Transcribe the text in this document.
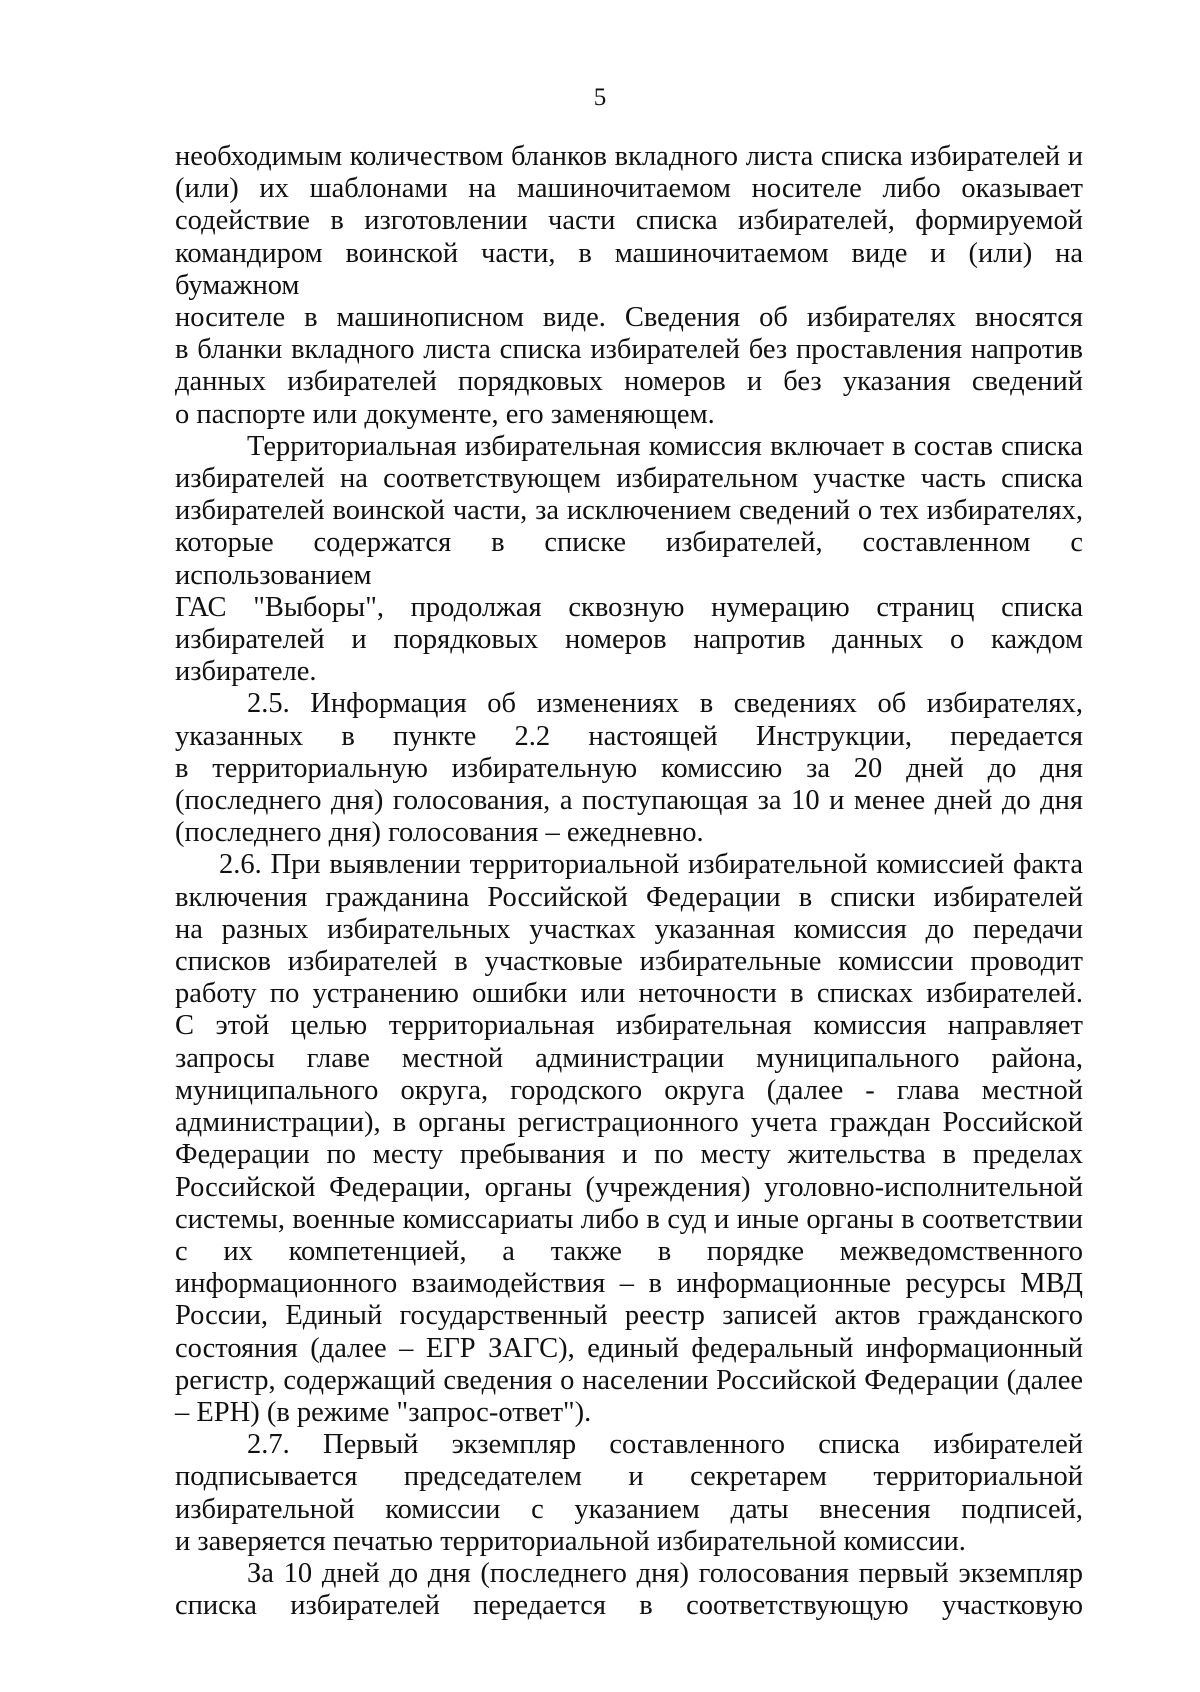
5
необходимым количеством бланков вкладного листа списка избирателей и
(или) их шаблонами на машиночитаемом носителе либо оказывает
содействие в изготовлении части списка избирателей, формируемой
командиром воинской части, в машиночитаемом виде и (или) на бумажном
носителе в машинописном виде. Сведения об избирателях вносятся
в бланки вкладного листа списка избирателей без проставления напротив
данных избирателей порядковых номеров и без указания сведений
о паспорте или документе, его заменяющем.
Территориальная избирательная комиссия включает в состав списка
избирателей на соответствующем избирательном участке часть списка
избирателей воинской части, за исключением сведений о тех избирателях,
которые содержатся в списке избирателей, составленном с использованием
ГАС "Выборы", продолжая сквозную нумерацию страниц списка
избирателей и порядковых номеров напротив данных о каждом
избирателе.
2.5. Информация об изменениях в сведениях об избирателях,
указанных в пункте 2.2 настоящей Инструкции, передается
в территориальную избирательную комиссию за 20 дней до дня
(последнего дня) голосования, а поступающая за 10 и менее дней до дня
(последнего дня) голосования – ежедневно.
2.6. При выявлении территориальной избирательной комиссией факта
включения гражданина Российской Федерации в списки избирателей
на разных избирательных участках указанная комиссия до передачи
списков избирателей в участковые избирательные комиссии проводит
работу по устранению ошибки или неточности в списках избирателей.
С этой целью территориальная избирательная комиссия направляет
запросы главе местной администрации муниципального района,
муниципального округа, городского округа (далее - глава местной
администрации), в органы регистрационного учета граждан Российской
Федерации по месту пребывания и по месту жительства в пределах
Российской Федерации, органы (учреждения) уголовно-исполнительной
системы, военные комиссариаты либо в суд и иные органы в соответствии
с их компетенцией, а также в порядке межведомственного
информационного взаимодействия – в информационные ресурсы МВД
России, Единый государственный реестр записей актов гражданского
состояния (далее – ЕГР ЗАГС), единый федеральный информационный
регистр, содержащий сведения о населении Российской Федерации (далее
– ЕРН) (в режиме "запрос-ответ").
2.7. Первый экземпляр составленного списка избирателей
подписывается председателем и секретарем территориальной
избирательной комиссии с указанием даты внесения подписей,
и заверяется печатью территориальной избирательной комиссии.
За 10 дней до дня (последнего дня) голосования первый экземпляр
списка избирателей передается в соответствующую участковую
